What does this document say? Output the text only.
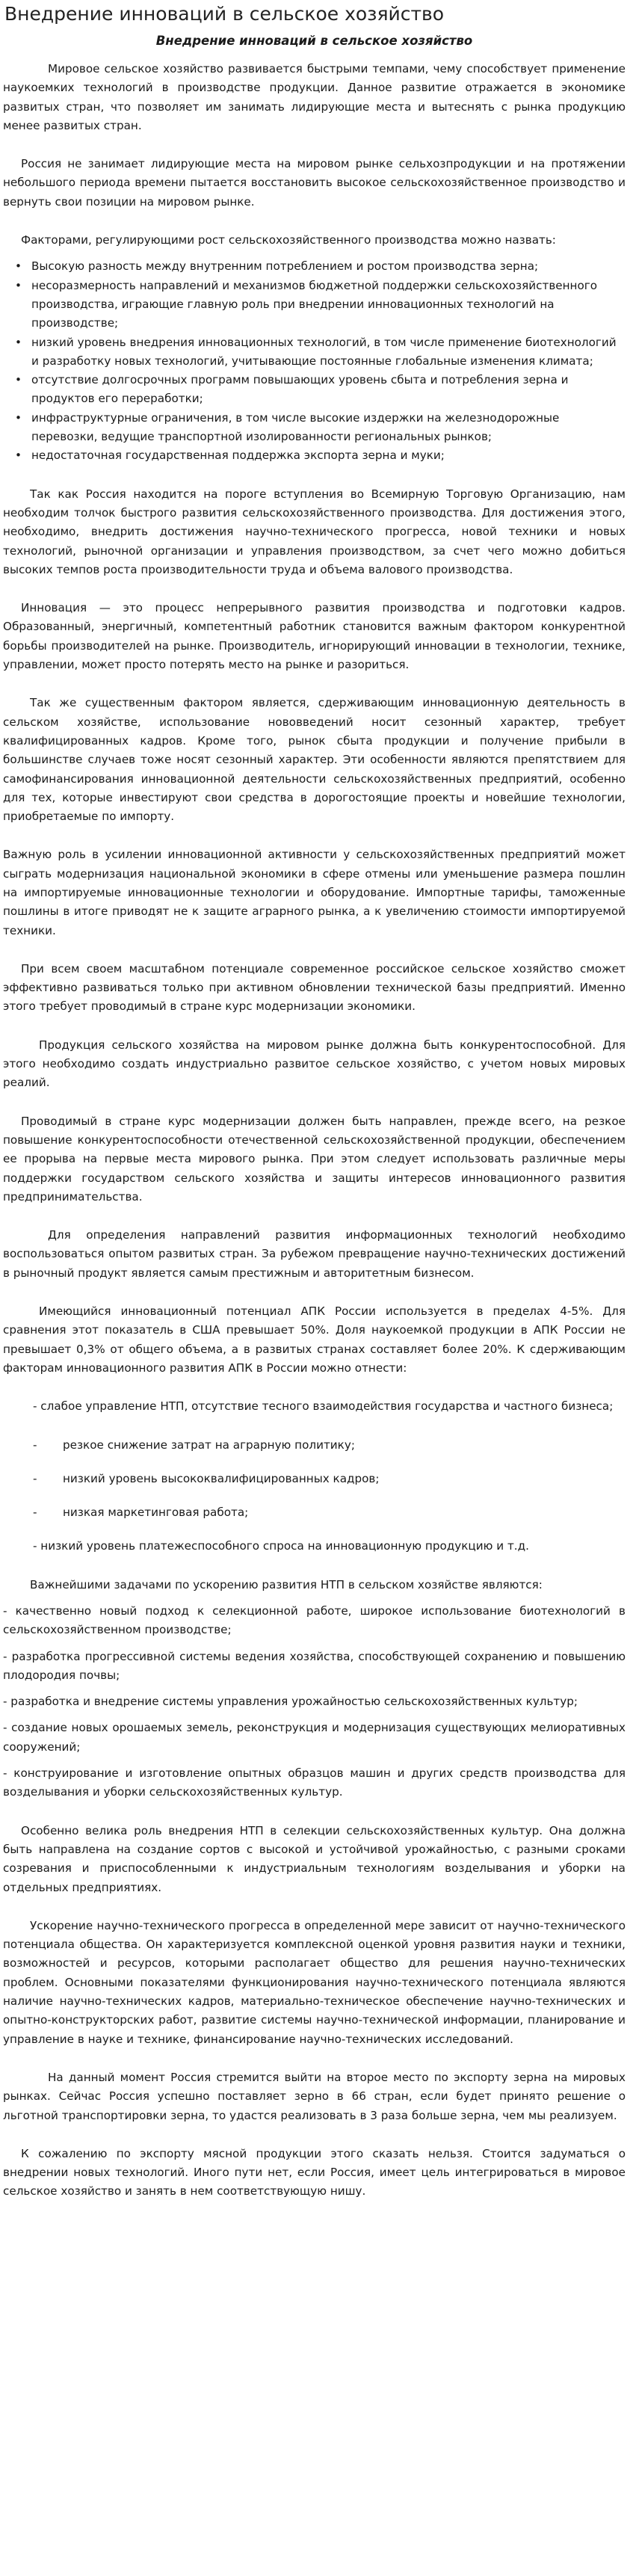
Внедрение инноваций в сельское хозяйство
Внедрение инноваций в сельское хозяйство

Мировое сельское хозяйство развивается быстрыми темпами, чему способствует применение наукоемких технологий в производстве продукции. Данное развитие отражается в экономике развитых стран, что позволяет им занимать лидирующие места и вытеснять с рынка продукцию менее развитых стран.

Россия не занимает лидирующие места на мировом рынке сельхозпродукции и на протяжении небольшого периода времени пытается восстановить высокое сельскохозяйственное производство и вернуть свои позиции на мировом рынке.

Факторами, регулирующими рост сельскохозяйственного производства можно назвать:

• Высокую разность между внутренним потреблением и ростом производства зерна;
• несоразмерность направлений и механизмов бюджетной поддержки сельскохозяйственного производства, играющие главную роль при внедрении инновационных технологий на производстве;
• низкий уровень внедрения инновационных технологий, в том числе применение биотехнологий и разработку новых технологий, учитывающие постоянные глобальные изменения климата;
• отсутствие долгосрочных программ повышающих уровень сбыта и потребления зерна и продуктов его переработки;
• инфраструктурные ограничения, в том числе высокие издержки на железнодорожные перевозки, ведущие транспортной изолированности региональных рынков;
• недостаточная государственная поддержка экспорта зерна и муки;

Так как Россия находится на пороге вступления во Всемирную Торговую Организацию, нам необходим толчок быстрого развития сельскохозяйственного производства. Для достижения этого, необходимо, внедрить достижения научно-технического прогресса, новой техники и новых технологий, рыночной организации и управления производством, за счет чего можно добиться высоких темпов роста производительности труда и объема валового производства.

Инновация — это процесс непрерывного развития производства и подготовки кадров. Образованный, энергичный, компетентный работник становится важным фактором конкурентной борьбы производителей на рынке. Производитель, игнорирующий инновации в технологии, технике, управлении, может просто потерять место на рынке и разориться.

Так же существенным фактором является, сдерживающим инновационную деятельность в сельском хозяйстве, использование нововведений носит сезонный характер, требует квалифицированных кадров. Кроме того, рынок сбыта продукции и получение прибыли в большинстве случаев тоже носят сезонный характер. Эти особенности являются препятствием для самофинансирования инновационной деятельности сельскохозяйственных предприятий, особенно для тех, которые инвестируют свои средства в дорогостоящие проекты и новейшие технологии, приобретаемые по импорту.

Важную роль в усилении инновационной активности у сельскохозяйственных предприятий может сыграть модернизация национальной экономики в сфере отмены или уменьшение размера пошлин на импортируемые инновационные технологии и оборудование. Импортные тарифы, таможенные пошлины в итоге приводят не к защите аграрного рынка, а к увеличению стоимости импортируемой техники.

При всем своем масштабном потенциале современное российское сельское хозяйство сможет эффективно развиваться только при активном обновлении технической базы предприятий. Именно этого требует проводимый в стране курс модернизации экономики.

Продукция сельского хозяйства на мировом рынке должна быть конкурентоспособной. Для этого необходимо создать индустриально развитое сельское хозяйство, с учетом новых мировых реалий.

Проводимый в стране курс модернизации должен быть направлен, прежде всего, на резкое повышение конкурентоспособности отечественной сельскохозяйственной продукции, обеспечением ее прорыва на первые места мирового рынка. При этом следует использовать различные меры поддержки государством сельского хозяйства и защиты интересов инновационного развития предпринимательства.

Для определения направлений развития информационных технологий необходимо воспользоваться опытом развитых стран. За рубежом превращение научно-технических достижений в рыночный продукт является самым престижным и авторитетным бизнесом.

Имеющийся инновационный потенциал АПК России используется в пределах 4-5%. Для сравнения этот показатель в США превышает 50%. Доля наукоемкой продукции в АПК России не превышает 0,3% от общего объема, а в развитых странах составляет более 20%. К сдерживающим факторам инновационного развития АПК в России можно отнести:

- слабое управление НТП, отсутствие тесного взаимодействия государства и частного бизнеса;

- резкое снижение затрат на аграрную политику;
- низкий уровень высококвалифицированных кадров;
- низкая маркетинговая работа;

- низкий уровень платежеспособного спроса на инновационную продукцию и т.д.

Важнейшими задачами по ускорению развития НТП в сельском хозяйстве являются:

- качественно новый подход к селекционной работе, широкое использование биотехнологий в сельскохозяйственном производстве;

- разработка прогрессивной системы ведения хозяйства, способствующей сохранению и повышению плодородия почвы;

- разработка и внедрение системы управления урожайностью сельскохозяйственных культур;

- создание новых орошаемых земель, реконструкция и модернизация существующих мелиоративных сооружений;

- конструирование и изготовление опытных образцов машин и других средств производства для возделывания и уборки сельскохозяйственных культур.

Особенно велика роль внедрения НТП в селекции сельскохозяйственных культур. Она должна быть направлена на создание сортов с высокой и устойчивой урожайностью, с разными сроками созревания и приспособленными к индустриальным технологиям возделывания и уборки на отдельных предприятиях.

Ускорение научно-технического прогресса в определенной мере зависит от научно-технического потенциала общества. Он характеризуется комплексной оценкой уровня развития науки и техники, возможностей и ресурсов, которыми располагает общество для решения научно-технических проблем. Основными показателями функционирования научно-технического потенциала являются наличие научно-технических кадров, материально-техническое обеспечение научно-технических и опытно-конструкторских работ, развитие системы научно-технической информации, планирование и управление в науке и технике, финансирование научно-технических исследований.

На данный момент Россия стремится выйти на второе место по экспорту зерна на мировых рынках. Сейчас Россия успешно поставляет зерно в 66 стран, если будет принято решение о льготной транспортировки зерна, то удастся реализовать в 3 раза больше зерна, чем мы реализуем.

К сожалению по экспорту мясной продукции этого сказать нельзя. Стоится задуматься о внедрении новых технологий. Иного пути нет, если Россия, имеет цель интегрироваться в мировое сельское хозяйство и занять в нем соответствующую нишу.
